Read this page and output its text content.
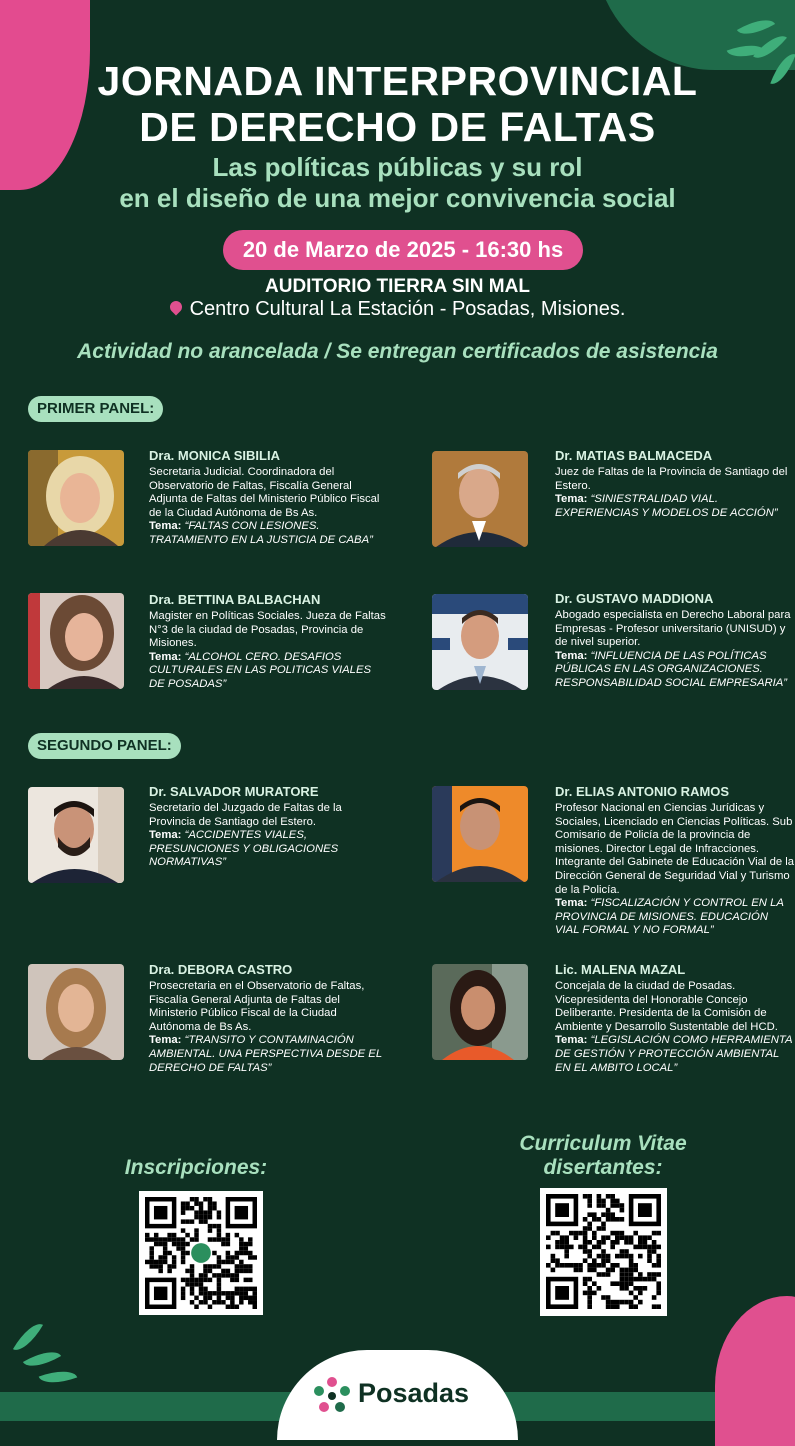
JORNADA INTERPROVINCIAL
DE DERECHO DE FALTAS
Las políticas públicas y su rol
en el diseño de una mejor convivencia social
20 de Marzo de 2025 - 16:30 hs
AUDITORIO TIERRA SIN MAL
Centro Cultural La Estación - Posadas, Misiones.
Actividad no arancelada / Se entregan certificados de asistencia
PRIMER PANEL:
Dra. MONICA SIBILIA
Secretaria Judicial. Coordinadora del Observatorio de Faltas, Fiscalía General Adjunta de Faltas del Ministerio Público Fiscal de la Ciudad Autónoma de Bs As.
Tema: “FALTAS CON LESIONES. TRATAMIENTO EN LA JUSTICIA DE CABA”
Dr. MATIAS BALMACEDA
Juez de Faltas de la Provincia de Santiago del Estero.
Tema: “SINIESTRALIDAD VIAL. EXPERIENCIAS Y MODELOS DE ACCIÓN”
Dra. BETTINA BALBACHAN
Magister en Políticas Sociales. Jueza de Faltas N°3 de la ciudad de Posadas, Provincia de Misiones.
Tema: “ALCOHOL CERO. DESAFIOS CULTURALES EN LAS POLITICAS VIALES DE POSADAS”
Dr. GUSTAVO MADDIONA
Abogado especialista en Derecho Laboral para Empresas - Profesor universitario (UNISUD) y de nivel superior.
Tema: “INFLUENCIA DE LAS POLÍTICAS PÚBLICAS EN LAS ORGANIZACIONES. RESPONSABILIDAD SOCIAL EMPRESARIA”
SEGUNDO PANEL:
Dr. SALVADOR MURATORE
Secretario del Juzgado de Faltas de la Provincia de Santiago del Estero.
Tema: “ACCIDENTES VIALES, PRESUNCIONES Y OBLIGACIONES NORMATIVAS”
Dr. ELIAS ANTONIO RAMOS
Profesor Nacional en Ciencias Jurídicas y Sociales, Licenciado en Ciencias Políticas. Sub Comisario de Policía de la provincia de misiones. Director Legal de Infracciones. Integrante del Gabinete de Educación Vial de la Dirección General de Seguridad Vial y Turismo de la Policía.
Tema: “FISCALIZACIÓN Y CONTROL EN LA PROVINCIA DE MISIONES. EDUCACIÓN VIAL FORMAL Y NO FORMAL”
Dra. DEBORA CASTRO
Prosecretaria en el Observatorio de Faltas, Fiscalía General Adjunta de Faltas del Ministerio Público Fiscal de la Ciudad Autónoma de Bs As.
Tema: “TRANSITO Y CONTAMINACIÓN AMBIENTAL. UNA PERSPECTIVA DESDE EL DERECHO DE FALTAS”
Lic. MALENA MAZAL
Concejala de la ciudad de Posadas. Vicepresidenta del Honorable Concejo Deliberante. Presidenta de la Comisión de Ambiente y Desarrollo Sustentable del HCD.
Tema: “LEGISLACIÓN COMO HERRAMIENTA DE GESTIÓN Y PROTECCIÓN AMBIENTAL EN EL AMBITO LOCAL”
Inscripciones:
Curriculum Vitae
disertantes:
Posadas
